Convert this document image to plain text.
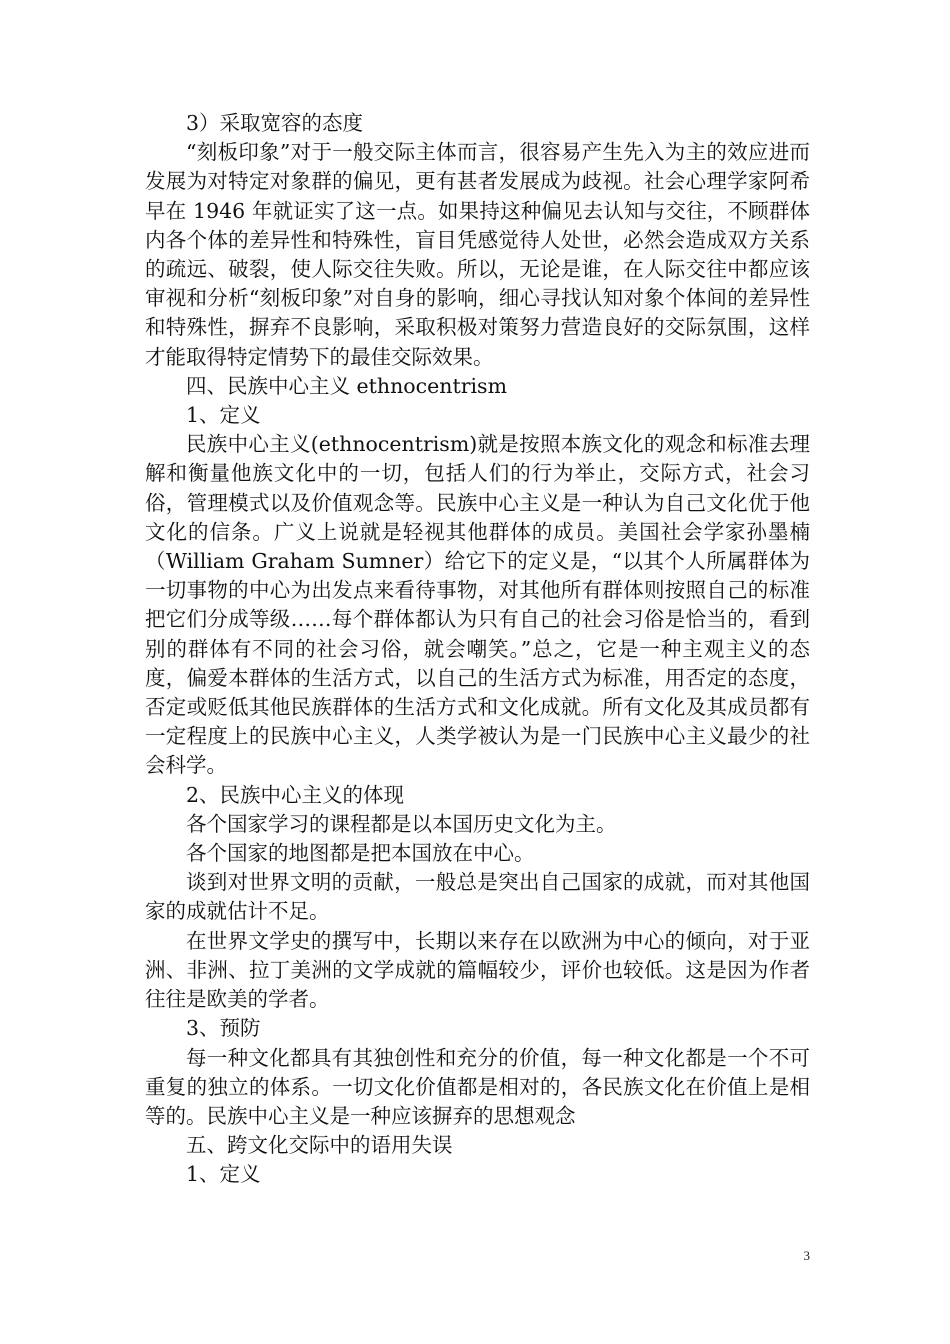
3）采取宽容的态度

“刻板印象”对于一般交际主体而言，很容易产生先入为主的效应进而发展为对特定对象群的偏见，更有甚者发展成为歧视。社会心理学家阿希早在 1946 年就证实了这一点。如果持这种偏见去认知与交往，不顾群体内各个体的差异性和特殊性，盲目凭感觉待人处世，必然会造成双方关系的疏远、破裂，使人际交往失败。所以，无论是谁，在人际交往中都应该审视和分析“刻板印象”对自身的影响，细心寻找认知对象个体间的差异性和特殊性，摒弃不良影响，采取积极对策努力营造良好的交际氛围，这样才能取得特定情势下的最佳交际效果。

四、民族中心主义 ethnocentrism

1、定义

民族中心主义(ethnocentrism)就是按照本族文化的观念和标准去理解和衡量他族文化中的一切，包括人们的行为举止，交际方式，社会习俗，管理模式以及价值观念等。民族中心主义是一种认为自己文化优于他文化的信条。广义上说就是轻视其他群体的成员。美国社会学家孙墨楠（William Graham Sumner）给它下的定义是，“以其个人所属群体为一切事物的中心为出发点来看待事物，对其他所有群体则按照自己的标准把它们分成等级……每个群体都认为只有自己的社会习俗是恰当的，看到别的群体有不同的社会习俗，就会嘲笑。”总之，它是一种主观主义的态度，偏爱本群体的生活方式，以自己的生活方式为标准，用否定的态度，否定或贬低其他民族群体的生活方式和文化成就。所有文化及其成员都有一定程度上的民族中心主义，人类学被认为是一门民族中心主义最少的社会科学。

2、民族中心主义的体现

各个国家学习的课程都是以本国历史文化为主。

各个国家的地图都是把本国放在中心。

谈到对世界文明的贡献，一般总是突出自己国家的成就，而对其他国家的成就估计不足。

在世界文学史的撰写中，长期以来存在以欧洲为中心的倾向，对于亚洲、非洲、拉丁美洲的文学成就的篇幅较少，评价也较低。这是因为作者往往是欧美的学者。

3、预防

每一种文化都具有其独创性和充分的价值，每一种文化都是一个不可重复的独立的体系。一切文化价值都是相对的，各民族文化在价值上是相等的。民族中心主义是一种应该摒弃的思想观念

五、跨文化交际中的语用失误

1、定义

3
